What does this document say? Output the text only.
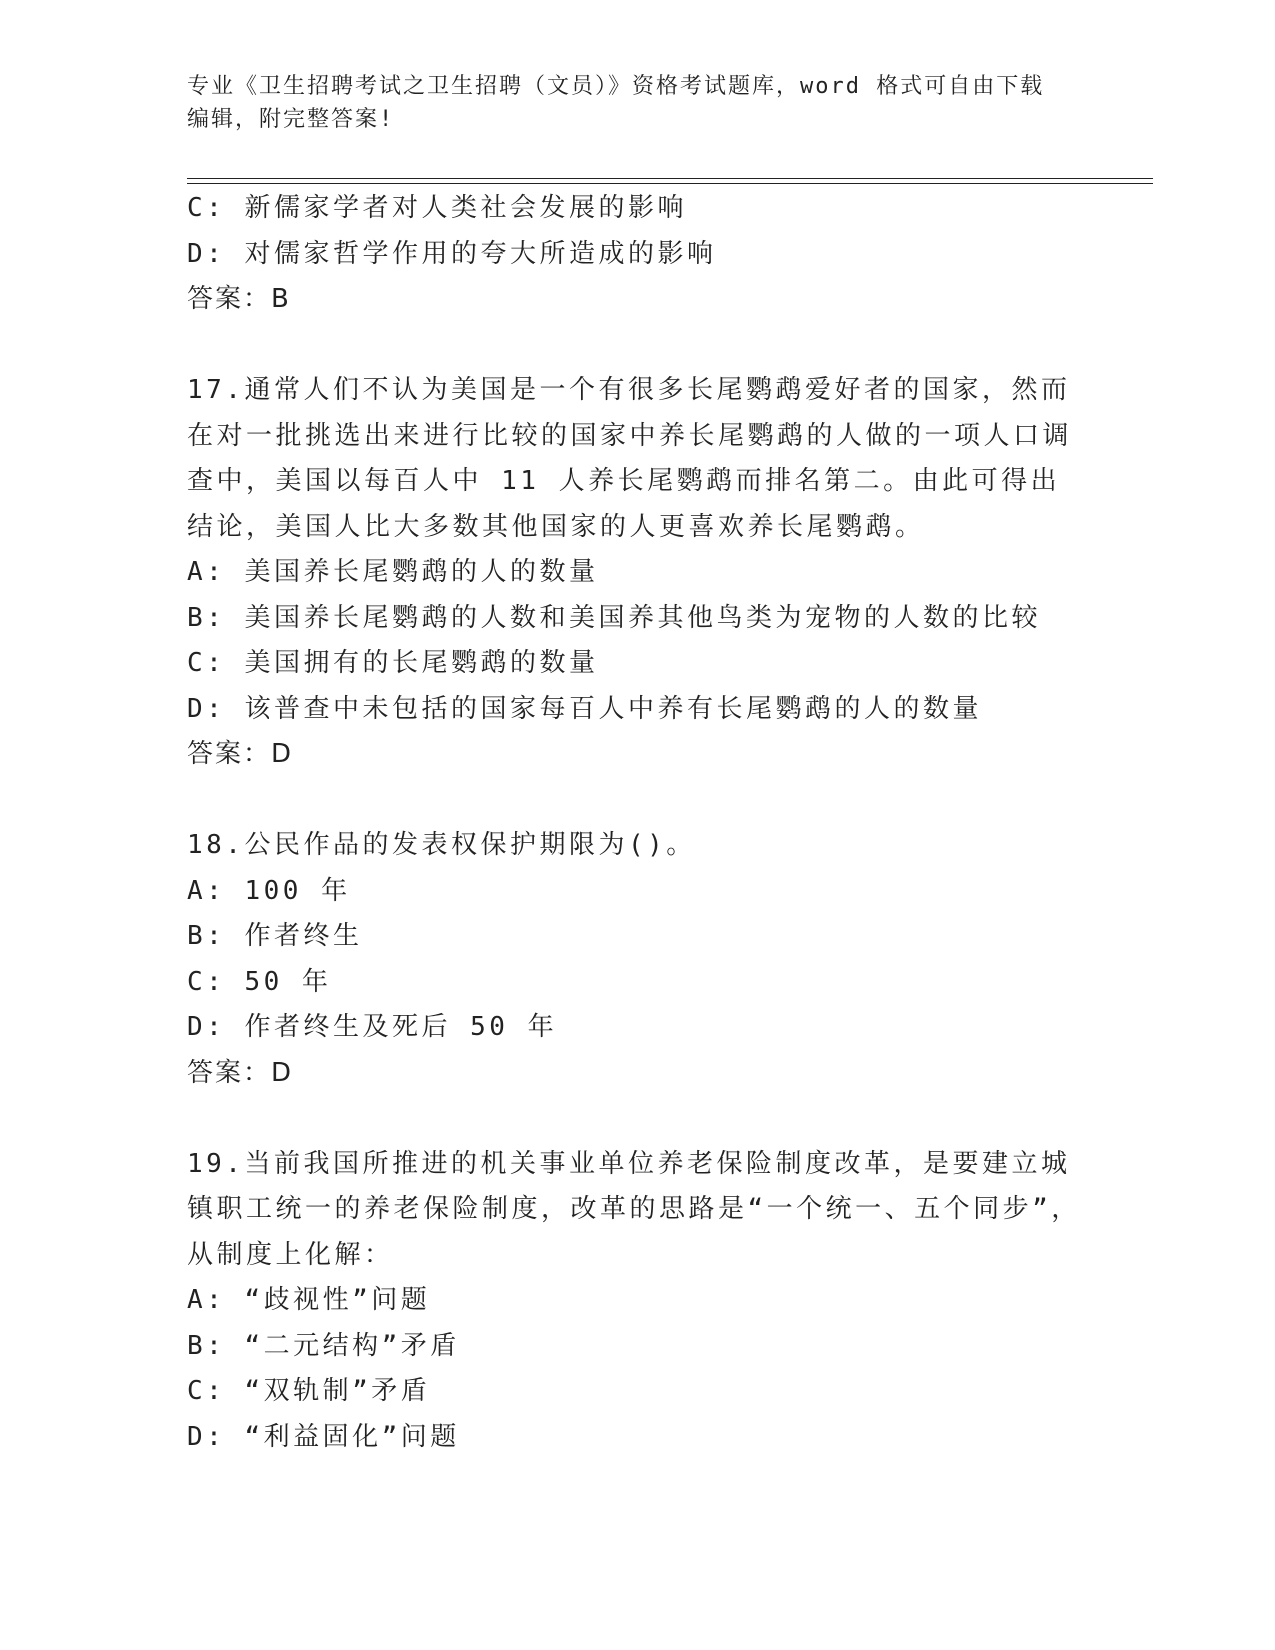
专业《卫生招聘考试之卫生招聘（文员）》资格考试题库，word 格式可自由下载
编辑，附完整答案!

C: 新儒家学者对人类社会发展的影响

D: 对儒家哲学作用的夸大所造成的影响

答案：B

17.通常人们不认为美国是一个有很多长尾鹦鹉爱好者的国家，然而在对一批挑选出来进行比较的国家中养长尾鹦鹉的人做的一项人口调查中，美国以每百人中 11 人养长尾鹦鹉而排名第二。由此可得出结论，美国人比大多数其他国家的人更喜欢养长尾鹦鹉。

A: 美国养长尾鹦鹉的人的数量

B: 美国养长尾鹦鹉的人数和美国养其他鸟类为宠物的人数的比较

C: 美国拥有的长尾鹦鹉的数量

D: 该普查中未包括的国家每百人中养有长尾鹦鹉的人的数量

答案：D

18.公民作品的发表权保护期限为()。

A: 100 年

B: 作者终生

C: 50 年

D: 作者终生及死后 50 年

答案：D

19.当前我国所推进的机关事业单位养老保险制度改革，是要建立城镇职工统一的养老保险制度，改革的思路是“一个统一、五个同步”，从制度上化解：

A: “歧视性”问题

B: “二元结构”矛盾

C: “双轨制”矛盾

D: “利益固化”问题
